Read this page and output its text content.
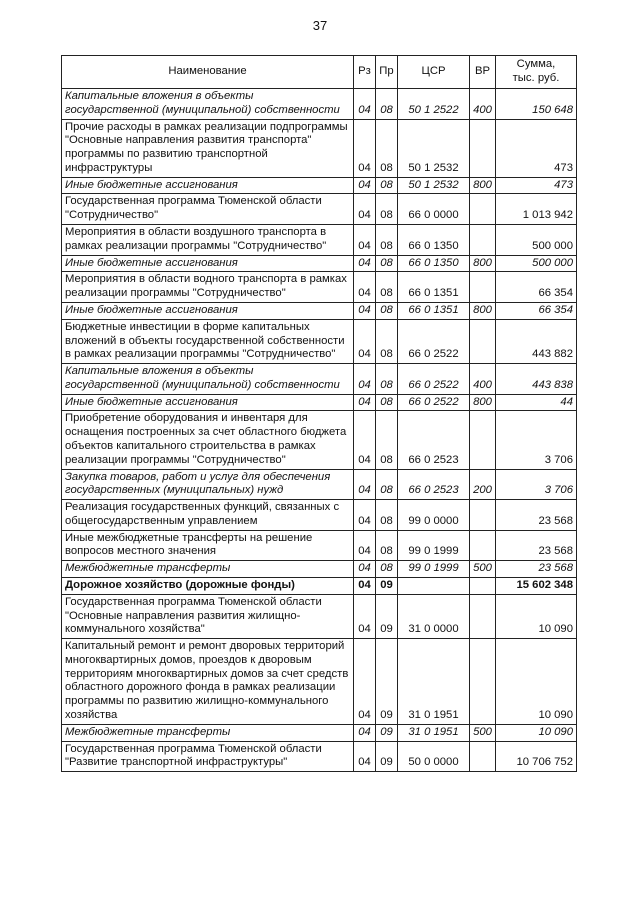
37
Наименование	Рз	Пр	ЦСР	ВР	Сумма,
тыс. руб.

Капитальные вложения в объекты государственной (муниципальной) собственности	04	08	50 1 2522	400	150 648
Прочие расходы в рамках реализации подпрограммы "Основные направления развития транспорта" программы по развитию транспортной инфраструктуры	04	08	50 1 2532		473
Иные бюджетные ассигнования	04	08	50 1 2532	800	473
Государственная программа Тюменской области "Сотрудничество"	04	08	66 0 0000		1 013 942
Мероприятия в области воздушного транспорта в рамках реализации программы "Сотрудничество"	04	08	66 0 1350		500 000
Иные бюджетные ассигнования	04	08	66 0 1350	800	500 000
Мероприятия в области водного транспорта в рамках реализации программы "Сотрудничество"	04	08	66 0 1351		66 354
Иные бюджетные ассигнования	04	08	66 0 1351	800	66 354
Бюджетные инвестиции в форме капитальных вложений в объекты государственной собственности в рамках реализации программы "Сотрудничество"	04	08	66 0 2522		443 882
Капитальные вложения в объекты государственной (муниципальной) собственности	04	08	66 0 2522	400	443 838
Иные бюджетные ассигнования	04	08	66 0 2522	800	44
Приобретение оборудования и инвентаря для оснащения построенных за счет областного бюджета объектов капитального строительства в рамках реализации программы "Сотрудничество"	04	08	66 0 2523		3 706
Закупка товаров, работ и услуг для обеспечения государственных (муниципальных) нужд	04	08	66 0 2523	200	3 706
Реализация государственных функций, связанных с общегосударственным управлением	04	08	99 0 0000		23 568
Иные межбюджетные трансферты на решение вопросов местного значения	04	08	99 0 1999		23 568
Межбюджетные трансферты	04	08	99 0 1999	500	23 568
Дорожное хозяйство (дорожные фонды)	04	09			15 602 348
Государственная программа Тюменской области "Основные направления развития жилищно-коммунального хозяйства"	04	09	31 0 0000		10 090
Капитальный ремонт и ремонт дворовых территорий многоквартирных домов, проездов к дворовым территориям многоквартирных домов за счет средств областного дорожного фонда в рамках реализации программы по развитию жилищно-коммунального хозяйства	04	09	31 0 1951		10 090
Межбюджетные трансферты	04	09	31 0 1951	500	10 090
Государственная программа Тюменской области "Развитие транспортной инфраструктуры"	04	09	50 0 0000		10 706 752
